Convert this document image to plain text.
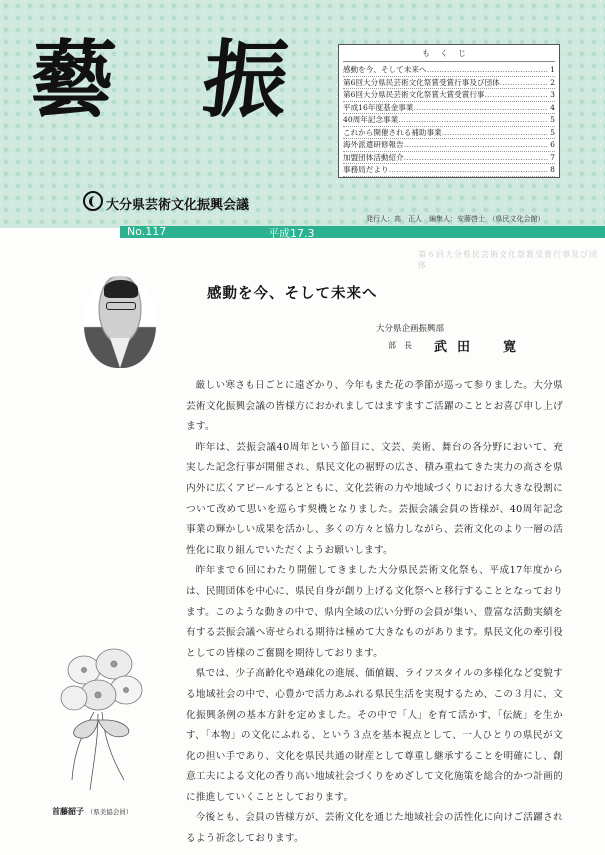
藝 振
大分県芸術文化振興会議
発行人：高　正人　編集人：安藤啓士　（県民文化会館）
もくじ
感動を今、そして未来へ …………………………………………………………	1
第6回大分県民芸術文化祭賞受賞行事及び団体 …………………………………………………………	2
第6回大分県民芸術文化祭賞大賞受賞行事 …………………………………………………………	3
平成16年度基金事業 …………………………………………………………	4
40周年記念事業 …………………………………………………………	5
これから開催される補助事業 …………………………………………………………	5
海外派遣研修報告 …………………………………………………………	6
加盟団体活動紹介 …………………………………………………………	7
事務局だより …………………………………………………………	8
No.117	平成17.3
第６回大分県民芸術文化祭賞受賞行事及び団体
感動を今、そして未来へ
大分県企画振興部
部　長 武田　寛

厳しい寒さも日ごとに遠ざかり、今年もまた花の季節が巡って参りました。大分県芸術文化振興会議の皆様方におかれましてはますますご活躍のこととお喜び申し上げます。

昨年は、芸振会議40周年という節目に、文芸、美術、舞台の各分野において、充実した記念行事が開催され、県民文化の裾野の広さ、積み重ねてきた実力の高さを県内外に広くアピールするとともに、文化芸術の力や地域づくりにおける大きな役割について改めて思いを巡らす契機となりました。芸振会議会員の皆様が、40周年記念事業の輝かしい成果を活かし、多くの方々と協力しながら、芸術文化のより一層の活性化に取り組んでいただくようお願いします。

昨年まで６回にわたり開催してきました大分県民芸術文化祭も、平成17年度からは、民間団体を中心に、県民自身が創り上げる文化祭へと移行することとなっております。このような動きの中で、県内全域の広い分野の会員が集い、豊富な活動実績を有する芸振会議へ寄せられる期待は極めて大きなものがあります。県民文化の牽引役としての皆様のご奮闘を期待しております。

県では、少子高齢化や過疎化の進展、価値観、ライフスタイルの多様化など変貌する地域社会の中で、心豊かで活力あふれる県民生活を実現するため、この３月に、文化振興条例の基本方針を定めました。その中で「人」を育て活かす、「伝統」を生かす、「本物」の文化にふれる、という３点を基本視点として、一人ひとりの県民が文化の担い手であり、文化を県民共通の財産として尊重し継承することを明確にし、創意工夫による文化の香り高い地域社会づくりをめざして文化施策を総合的かつ計画的に推進していくこととしております。

今後とも、会員の皆様方が、芸術文化を通じた地域社会の活性化に向けご活躍されるよう祈念しております。

首藤韶子 （県美協会員）
